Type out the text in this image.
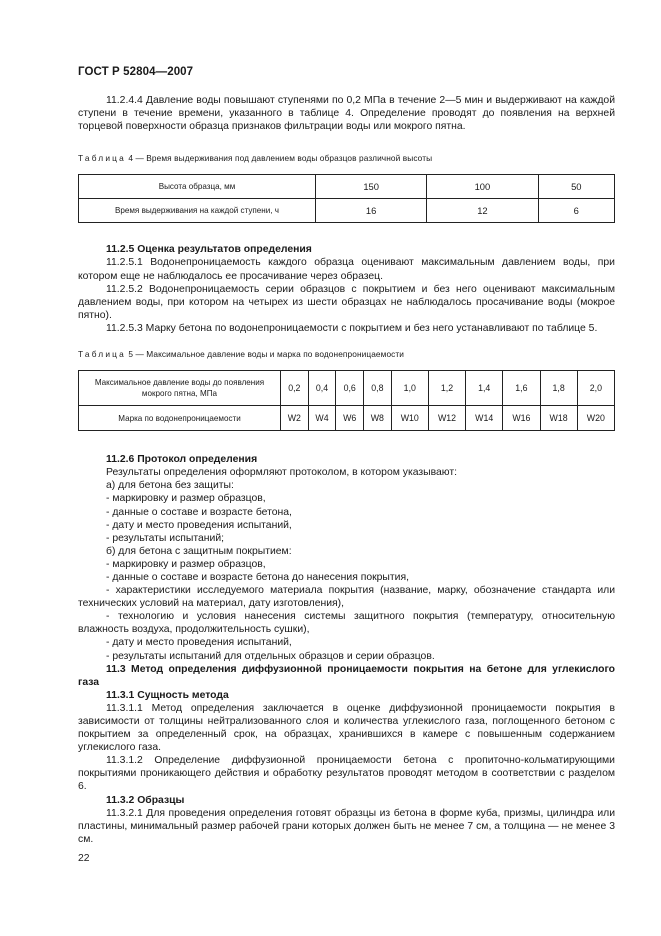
ГОСТ Р 52804—2007

11.2.4.4 Давление воды повышают ступенями по 0,2 МПа в течение 2—5 мин и выдерживают на каждой ступени в течение времени, указанного в таблице 4. Определение проводят до появления на верхней торцевой поверхности образца признаков фильтрации воды или мокрого пятна.

Таблица 4 — Время выдерживания под давлением воды образцов различной высоты

Высота образца, мм	150	100	50
Время выдерживания на каждой ступени, ч	16	12	6

11.2.5 Оценка результатов определения

11.2.5.1 Водонепроницаемость каждого образца оценивают максимальным давлением воды, при котором еще не наблюдалось ее просачивание через образец.

11.2.5.2 Водонепроницаемость серии образцов с покрытием и без него оценивают максимальным давлением воды, при котором на четырех из шести образцах не наблюдалось просачивание воды (мокрое пятно).

11.2.5.3 Марку бетона по водонепроницаемости с покрытием и без него устанавливают по таблице 5.

Таблица 5 — Максимальное давление воды и марка по водонепроницаемости

Максимальное давление воды до появления
мокрого пятна, МПа	0,2	0,4	0,6	0,8	1,0	1,2	1,4	1,6	1,8	2,0
Марка по водонепроницаемости	W2	W4	W6	W8	W10	W12	W14	W16	W18	W20

11.2.6 Протокол определения

Результаты определения оформляют протоколом, в котором указывают:

а) для бетона без защиты:

- маркировку и размер образцов,

- данные о составе и возрасте бетона,

- дату и место проведения испытаний,

- результаты испытаний;

б) для бетона с защитным покрытием:

- маркировку и размер образцов,

- данные о составе и возрасте бетона до нанесения покрытия,

- характеристики исследуемого материала покрытия (название, марку, обозначение стандарта или технических условий на материал, дату изготовления),

- технологию и условия нанесения системы защитного покрытия (температуру, относительную влажность воздуха, продолжительность сушки),

- дату и место проведения испытаний,

- результаты испытаний для отдельных образцов и серии образцов.

11.3 Метод определения диффузионной проницаемости покрытия на бетоне для углекислого газа

11.3.1 Сущность метода

11.3.1.1 Метод определения заключается в оценке диффузионной проницаемости покрытия в зависимости от толщины нейтрализованного слоя и количества углекислого газа, поглощенного бетоном с покрытием за определенный срок, на образцах, хранившихся в камере с повышенным содержанием углекислого газа.

11.3.1.2 Определение диффузионной проницаемости бетона с пропиточно-кольматирующими покрытиями проникающего действия и обработку результатов проводят методом в соответствии с разделом 6.

11.3.2 Образцы

11.3.2.1 Для проведения определения готовят образцы из бетона в форме куба, призмы, цилиндра или пластины, минимальный размер рабочей грани которых должен быть не менее 7 см, а толщина — не менее 3 см.

22
